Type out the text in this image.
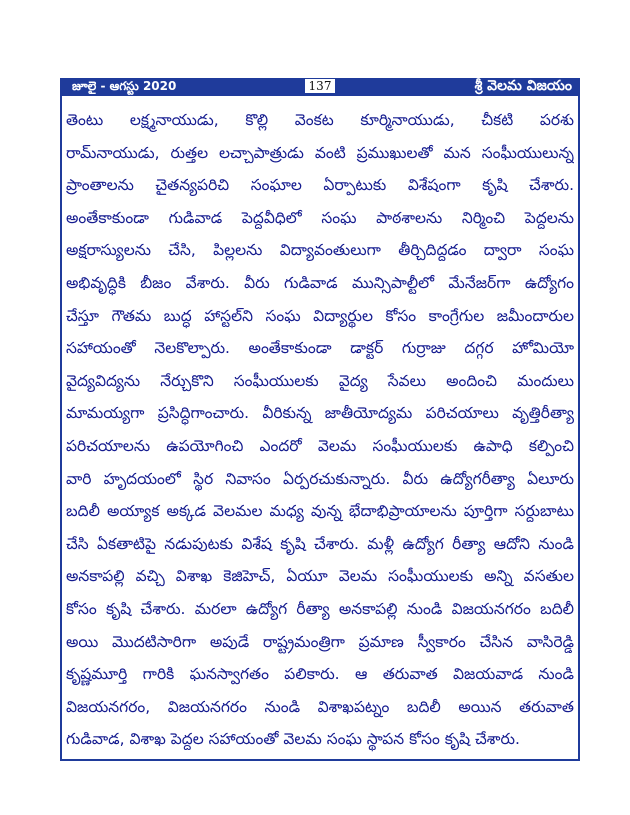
జూలై - ఆగస్టు 2020	137	శ్రీ వెలమ విజయం
తెంటు లక్ష్మనాయుడు, కొల్లి వెంకట కూర్మినాయుడు, చీకటి పరశు
రామ్‌నాయుడు, రుత్తల లచ్చాపాత్రుడు వంటి ప్రముఖులతో మన సంఘీయులున్న
ప్రాంతాలను చైతన్యపరిచి సంఘాల ఏర్పాటుకు విశేషంగా కృషి చేశారు.
అంతేకాకుండా గుడివాడ పెద్దవీధిలో సంఘ పాఠశాలను నిర్మించి పెద్దలను
అక్షరాస్యులను చేసి, పిల్లలను విద్యావంతులుగా తీర్చిదిద్దడం ద్వారా సంఘ
అభివృద్ధికి బీజం వేశారు. వీరు గుడివాడ మున్సిపాల్టీలో మేనేజర్‌గా ఉద్యోగం
చేస్తూ గౌతమ బుద్ధ హాస్టల్‌ని సంఘ విద్యార్థుల కోసం కాంగ్రేగుల జమీందారుల
సహాయంతో నెలకొల్పారు. అంతేకాకుండా డాక్టర్ గుర్రాజు దగ్గర హోమియో
వైద్యవిద్యను నేర్చుకొని సంఘీయులకు వైద్య సేవలు అందించి మందులు
మామయ్యగా ప్రసిద్ధిగాంచారు. వీరికున్న జాతీయోద్యమ పరిచయాలు వృత్తిరీత్యా
పరిచయాలను ఉపయోగించి ఎందరో వెలమ సంఘీయులకు ఉపాధి కల్పించి
వారి హృదయంలో స్థిర నివాసం ఏర్పరచుకున్నారు. వీరు ఉద్యోగరీత్యా ఏలూరు
బదిలీ అయ్యాక అక్కడ వెలమల మధ్య వున్న భేదాభిప్రాయాలను పూర్తిగా సర్దుబాటు
చేసి ఏకతాటిపై నడుపుటకు విశేష కృషి చేశారు. మళ్లీ ఉద్యోగ రీత్యా ఆదోని నుండి
అనకాపల్లి వచ్చి విశాఖ కెజిహెచ్, ఏయూ వెలమ సంఘీయులకు అన్ని వసతుల
కోసం కృషి చేశారు. మరలా ఉద్యోగ రీత్యా అనకాపల్లి నుండి విజయనగరం బదిలీ
అయి మొదటిసారిగా అపుడే రాష్ట్రమంత్రిగా ప్రమాణ స్వీకారం చేసిన వాసిరెడ్డి
కృష్ణమూర్తి గారికి ఘనస్వాగతం పలికారు. ఆ తరువాత విజయవాడ నుండి
విజయనగరం, విజయనగరం నుండి విశాఖపట్నం బదిలీ అయిన తరువాత
గుడివాడ, విశాఖ పెద్దల సహాయంతో వెలమ సంఘ స్థాపన కోసం కృషి చేశారు.
